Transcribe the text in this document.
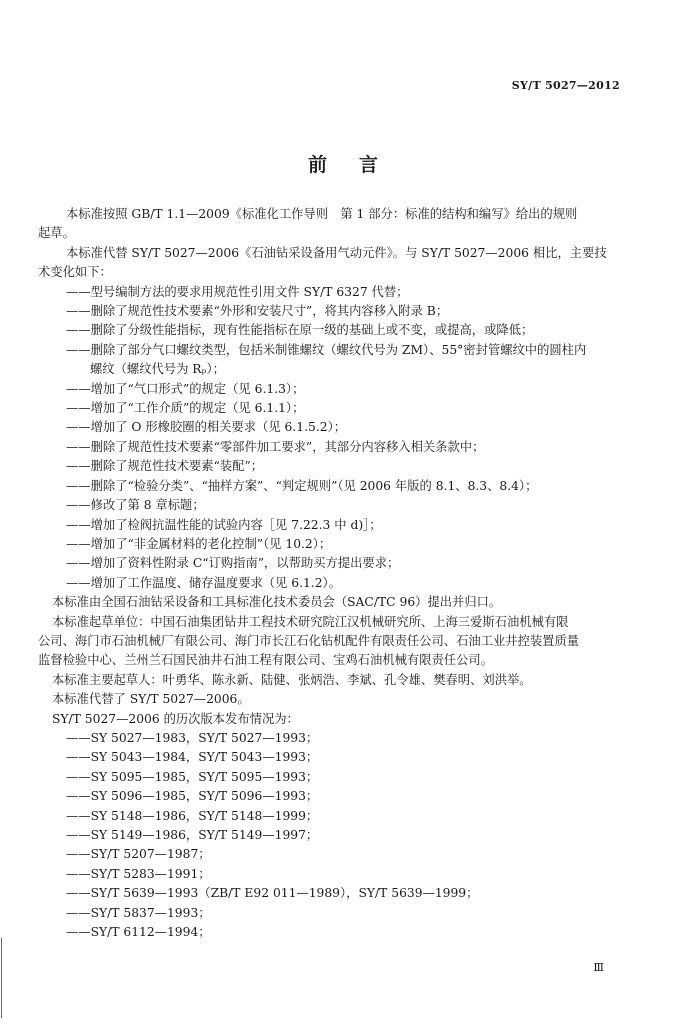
SY/T 5027—2012
前言

本标准按照 GB/T 1.1—2009《标准化工作导则　第 1 部分：标准的结构和编写》给出的规则

起草。

本标准代替 SY/T 5027—2006《石油钻采设备用气动元件》。与 SY/T 5027—2006 相比，主要技

术变化如下：

——型号编制方法的要求用规范性引用文件 SY/T 6327 代替；

——删除了规范性技术要素“外形和安装尺寸”，将其内容移入附录 B；

——删除了分级性能指标，现有性能指标在原一级的基础上或不变，或提高，或降低；

——删除了部分气口螺纹类型，包括米制锥螺纹（螺纹代号为 ZM）、55°密封管螺纹中的圆柱内

螺纹（螺纹代号为 Rₚ）；

——增加了“气口形式”的规定（见 6.1.3）；

——增加了“工作介质”的规定（见 6.1.1）；

——增加了 O 形橡胶圈的相关要求（见 6.1.5.2）；

——删除了规范性技术要素“零部件加工要求”，其部分内容移入相关条款中；

——删除了规范性技术要素“装配”；

——删除了“检验分类”、“抽样方案”、“判定规则”（见 2006 年版的 8.1、8.3、8.4）；

——修改了第 8 章标题；

——增加了检阀抗温性能的试验内容［见 7.22.3 中 d)］；

——增加了“非金属材料的老化控制”（见 10.2）；

——增加了资料性附录 C“订购指南”，以帮助买方提出要求；

——增加了工作温度、储存温度要求（见 6.1.2）。

本标准由全国石油钻采设备和工具标准化技术委员会（SAC/TC 96）提出并归口。

本标准起草单位：中国石油集团钻井工程技术研究院江汉机械研究所、上海三爱斯石油机械有限

公司、海门市石油机械厂有限公司、海门市长江石化钻机配件有限责任公司、石油工业井控装置质量

监督检验中心、兰州兰石国民油井石油工程有限公司、宝鸡石油机械有限责任公司。

本标准主要起草人：叶勇华、陈永新、陆健、张炳浩、李斌、孔令雄、樊春明、刘洪举。

本标准代替了 SY/T 5027—2006。

SY/T 5027—2006 的历次版本发布情况为：

——SY 5027—1983，SY/T 5027—1993；

——SY 5043—1984，SY/T 5043—1993；

——SY 5095—1985，SY/T 5095—1993；

——SY 5096—1985，SY/T 5096—1993；

——SY 5148—1986，SY/T 5148—1999；

——SY 5149—1986，SY/T 5149—1997；

——SY/T 5207—1987；

——SY/T 5283—1991；

——SY/T 5639—1993（ZB/T E92 011—1989），SY/T 5639—1999；

——SY/T 5837—1993；

——SY/T 6112—1994；

Ⅲ
